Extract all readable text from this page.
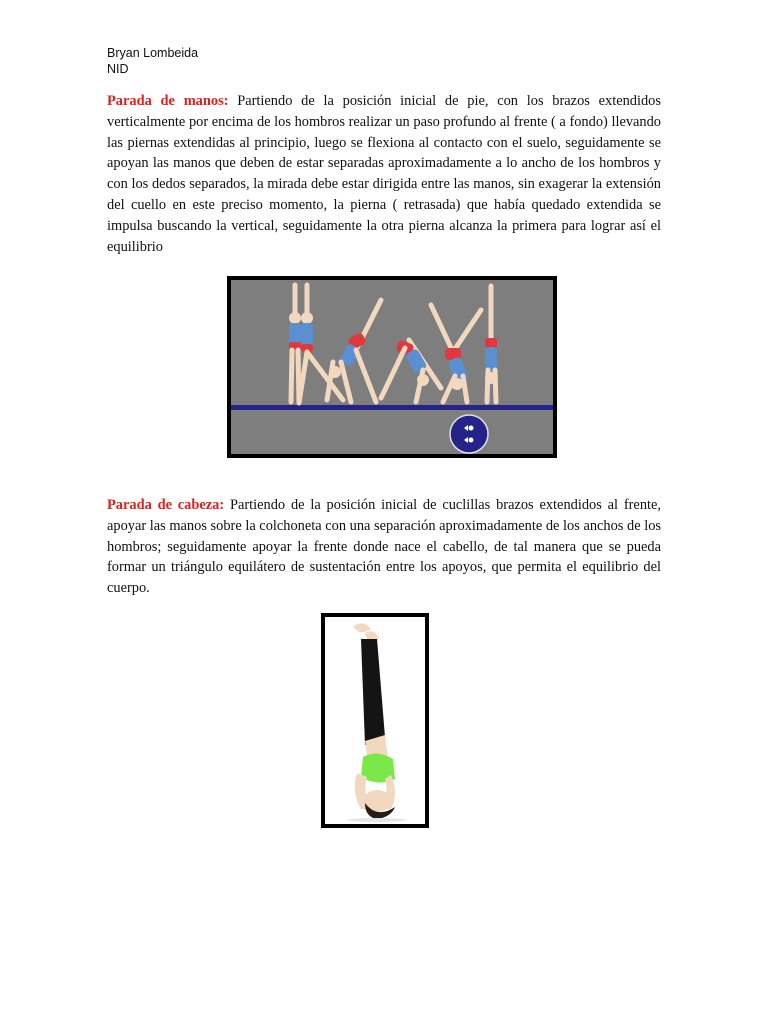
Bryan Lombeida
NID

Parada de manos: Partiendo de la posición inicial de pie, con los brazos extendidos verticalmente por encima de los hombros realizar un paso profundo al frente ( a fondo) llevando las piernas extendidas al principio, luego se flexiona al contacto con el suelo, seguidamente se apoyan las manos que deben de estar separadas aproximadamente a lo ancho de los hombros y con los dedos separados, la mirada debe estar dirigida entre las manos, sin exagerar la extensión del cuello en este preciso momento, la pierna ( retrasada) que había quedado extendida se impulsa buscando la vertical, seguidamente la otra pierna alcanza la primera para lograr así el equilibrio

Parada de cabeza: Partiendo de la posición inicial de cuclillas brazos extendidos al frente, apoyar las manos sobre la colchoneta con una separación aproximadamente de los anchos de los hombros; seguidamente apoyar la frente donde nace el cabello, de tal manera que se pueda formar un triángulo equilátero de sustentación entre los apoyos, que permita el equilibrio del cuerpo.
